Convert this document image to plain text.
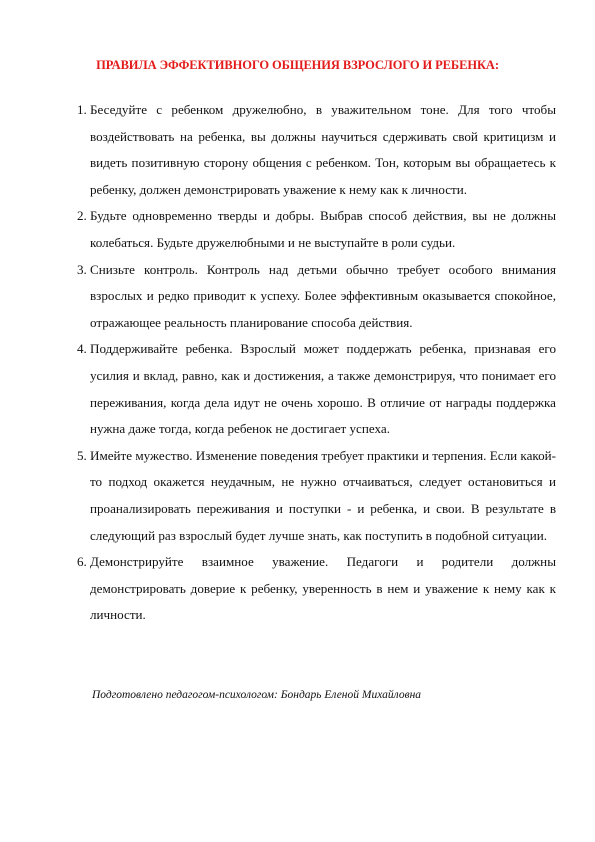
ПРАВИЛА ЭФФЕКТИВНОГО ОБЩЕНИЯ ВЗРОСЛОГО И РЕБЕНКА:
1. Беседуйте с ребенком дружелюбно, в уважительном тоне. Для того чтобы воздействовать на ребенка, вы должны научиться сдерживать свой критицизм и видеть позитивную сторону общения с ребенком. Тон, которым вы обращаетесь к ребенку, должен демонстрировать уважение к нему как к личности.
2. Будьте одновременно тверды и добры. Выбрав способ действия, вы не должны колебаться. Будьте дружелюбными и не выступайте в роли судьи.
3. Снизьте контроль. Контроль над детьми обычно требует особого внимания взрослых и редко приводит к успеху. Более эффективным оказывается спокойное, отражающее реальность планирование способа действия.
4. Поддерживайте ребенка. Взрослый может поддержать ребенка, признавая его усилия и вклад, равно, как и достижения, а также демонстрируя, что понимает его переживания, когда дела идут не очень хорошо. В отличие от награды поддержка нужна даже тогда, когда ребенок не достигает успеха.
5. Имейте мужество. Изменение поведения требует практики и терпения. Если какой-то подход окажется неудачным, не нужно отчаиваться, следует остановиться и проанализировать переживания и поступки - и ребенка, и свои. В результате в следующий раз взрослый будет лучше знать, как поступить в подобной ситуации.
6. Демонстрируйте взаимное уважение. Педагоги и родители должны демонстрировать доверие к ребенку, уверенность в нем и уважение к нему как к личности.
Подготовлено педагогом-психологом: Бондарь Еленой Михайловна
